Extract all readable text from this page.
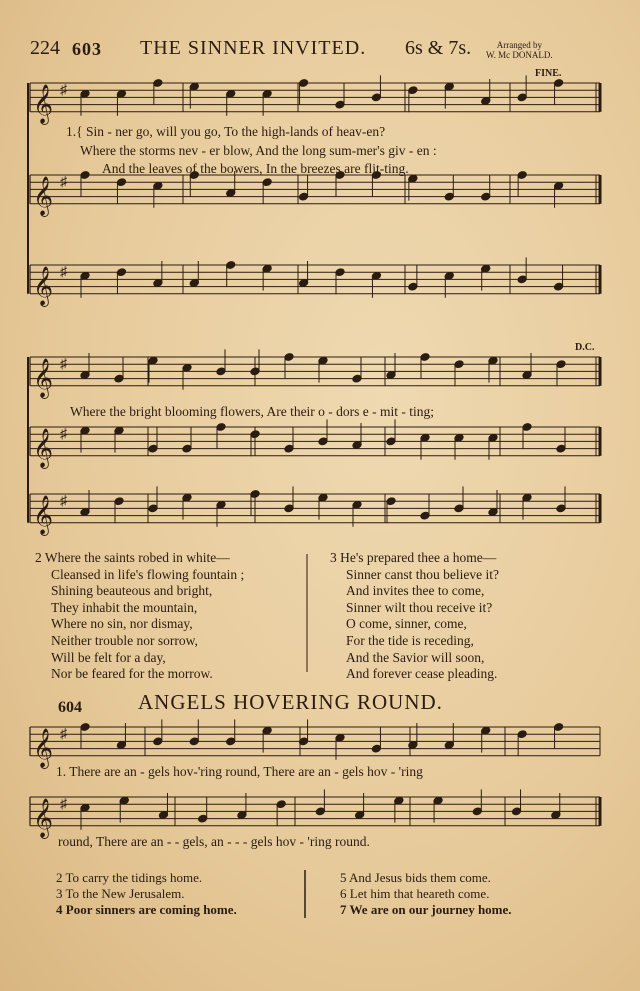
𝄞 ♯
𝄞 ♯
𝄞 ♯
𝄞 ♯
𝄞 ♯
𝄞 ♯
𝄞 ♯
𝄞 ♯
224 603 THE SINNER INVITED. 6s & 7s.	Arranged by
W. Mc DONALD.
FINE.
D.C.
1.{ Sin - ner go, will you go, To the high-lands of heav-en?
Where the storms nev - er blow, And the long sum-mer's giv - en :
And the leaves of the bowers, In the breezes are flit-ting.
Where the bright blooming flowers, Are their o - dors e - mit - ting;
2 Where the saints robed in white—
Cleansed in life's flowing fountain ;
Shining beauteous and bright,
They inhabit the mountain,
Where no sin, nor dismay,
Neither trouble nor sorrow,
Will be felt for a day,
Nor be feared for the morrow.
3 He's prepared thee a home—
Sinner canst thou believe it?
And invites thee to come,
Sinner wilt thou receive it?
O come, sinner, come,
For the tide is receding,
And the Savior will soon,
And forever cease pleading.
604	ANGELS HOVERING ROUND.
1. There are an - gels hov-'ring round, There are an - gels hov - 'ring
round, There are an - - gels, an - - - gels hov - 'ring round.
2 To carry the tidings home.
3 To the New Jerusalem.
4 Poor sinners are coming home.
5 And Jesus bids them come.
6 Let him that heareth come.
7 We are on our journey home.
